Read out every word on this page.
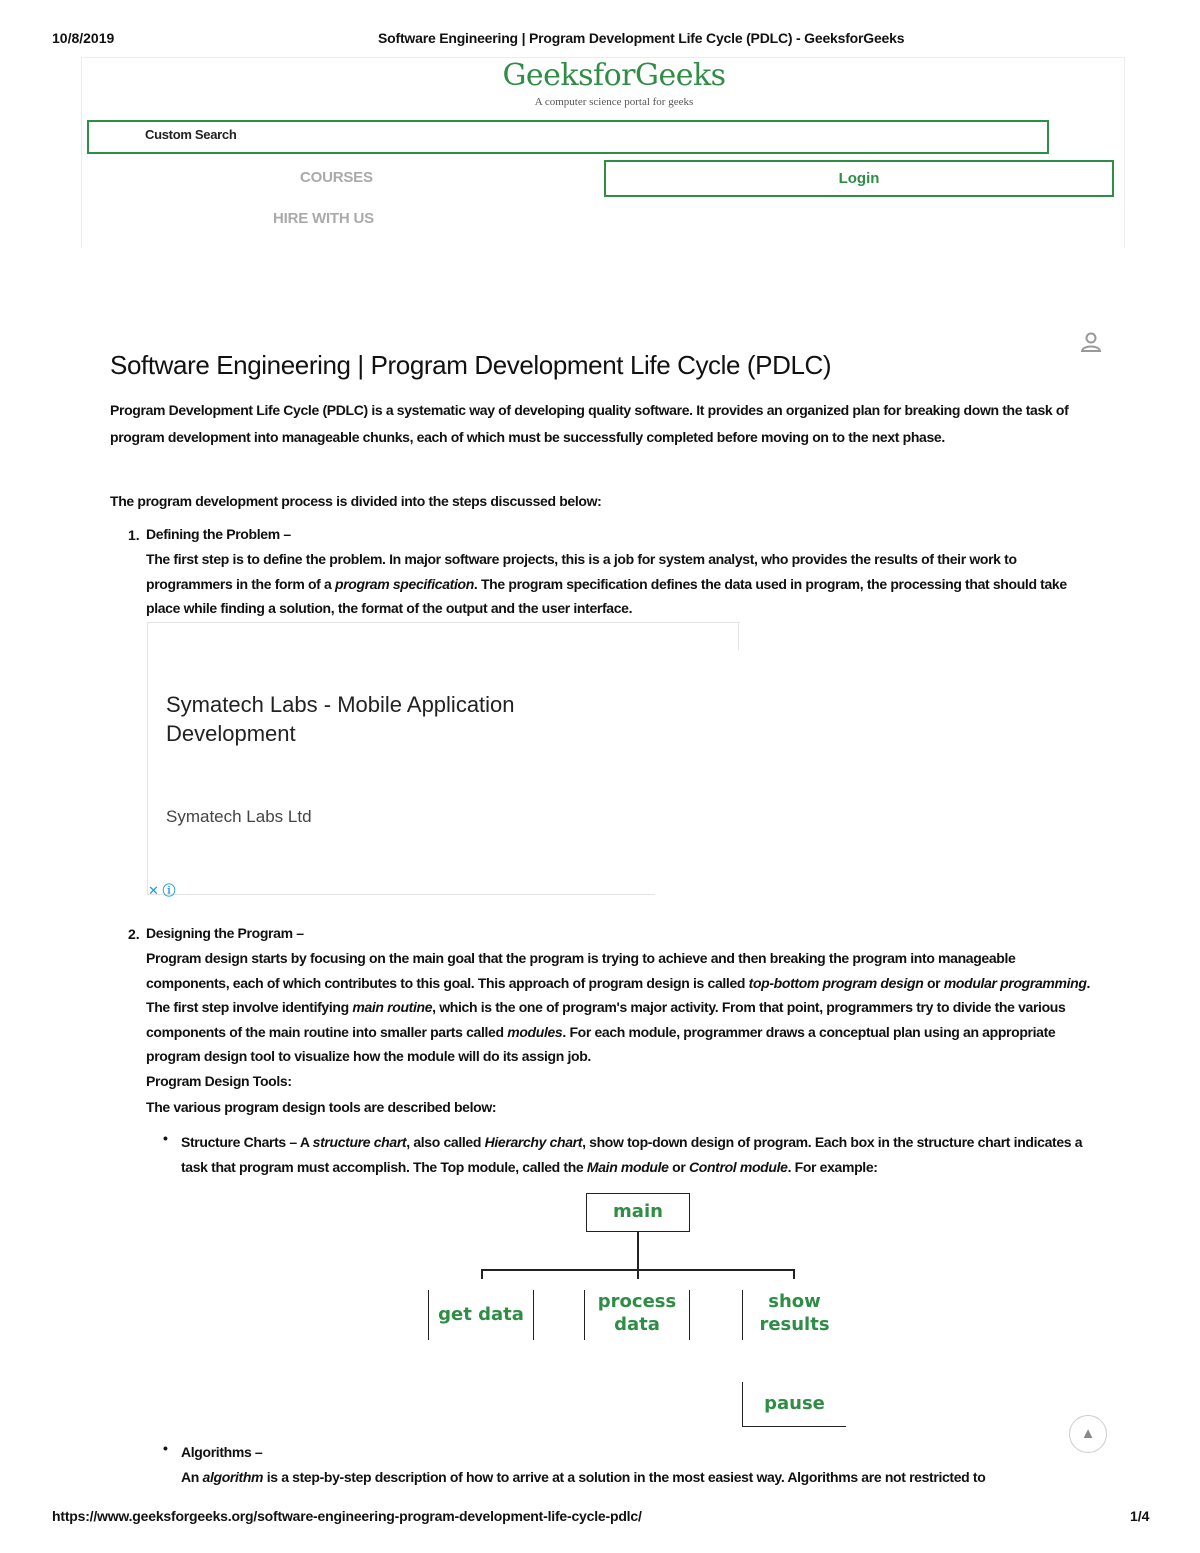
10/8/2019	Software Engineering | Program Development Life Cycle (PDLC) - GeeksforGeeks
https://www.geeksforgeeks.org/software-engineering-program-development-life-cycle-pdlc/	1/4
GeeksforGeeks
A computer science portal for geeks
Custom Search
COURSES
HIRE WITH US
Login
Software Engineering | Program Development Life Cycle (PDLC)
Program Development Life Cycle (PDLC) is a systematic way of developing quality software. It provides an organized plan for breaking down the task of program development into manageable chunks, each of which must be successfully completed before moving on to the next phase.
The program development process is divided into the steps discussed below:
1. Defining the Problem –
The first step is to define the problem. In major software projects, this is a job for system analyst, who provides the results of their work to programmers in the form of a program specification. The program specification defines the data used in program, the processing that should take place while finding a solution, the format of the output and the user interface.
Symatech Labs - Mobile Application Development
Symatech Labs Ltd
✕ ⓘ
2. Designing the Program –
Program design starts by focusing on the main goal that the program is trying to achieve and then breaking the program into manageable components, each of which contributes to this goal. This approach of program design is called top-bottom program design or modular programming. The first step involve identifying main routine, which is the one of program's major activity. From that point, programmers try to divide the various components of the main routine into smaller parts called modules. For each module, programmer draws a conceptual plan using an appropriate program design tool to visualize how the module will do its assign job.
Program Design Tools:
The various program design tools are described below:
• Structure Charts – A structure chart, also called Hierarchy chart, show top-down design of program. Each box in the structure chart indicates a task that program must accomplish. The Top module, called the Main module or Control module. For example:
main
get data
process
data
show
results
pause
• Algorithms –
An algorithm is a step-by-step description of how to arrive at a solution in the most easiest way. Algorithms are not restricted to
▲
